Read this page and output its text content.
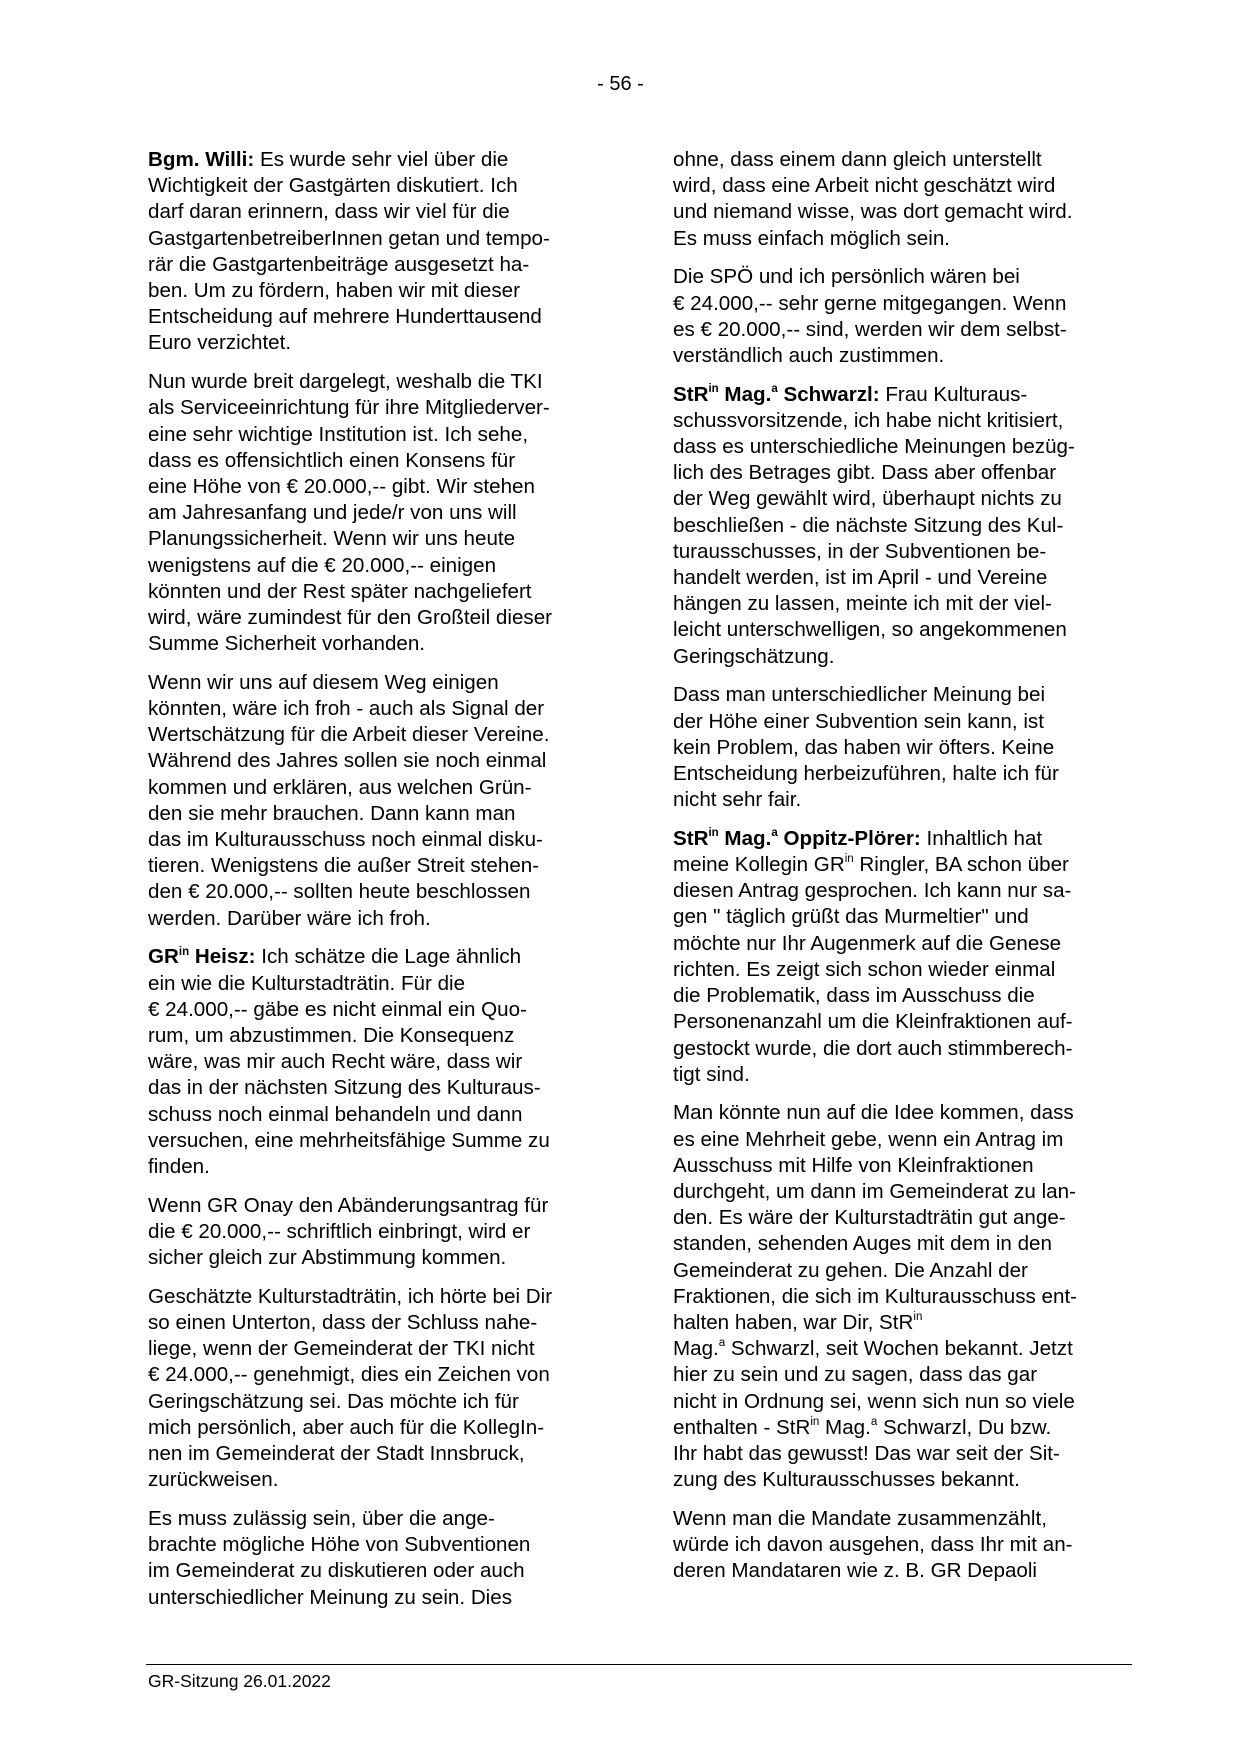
- 56 -

Bgm. Willi: Es wurde sehr viel über die
Wichtigkeit der Gastgärten diskutiert. Ich
darf daran erinnern, dass wir viel für die
GastgartenbetreiberInnen getan und tempo-
rär die Gastgartenbeiträge ausgesetzt ha-
ben. Um zu fördern, haben wir mit dieser
Entscheidung auf mehrere Hunderttausend
Euro verzichtet.

Nun wurde breit dargelegt, weshalb die TKI
als Serviceeinrichtung für ihre Mitgliederver-
eine sehr wichtige Institution ist. Ich sehe,
dass es offensichtlich einen Konsens für
eine Höhe von € 20.000,-- gibt. Wir stehen
am Jahresanfang und jede/r von uns will
Planungssicherheit. Wenn wir uns heute
wenigstens auf die € 20.000,-- einigen
könnten und der Rest später nachgeliefert
wird, wäre zumindest für den Großteil dieser
Summe Sicherheit vorhanden.

Wenn wir uns auf diesem Weg einigen
könnten, wäre ich froh - auch als Signal der
Wertschätzung für die Arbeit dieser Vereine.
Während des Jahres sollen sie noch einmal
kommen und erklären, aus welchen Grün-
den sie mehr brauchen. Dann kann man
das im Kulturausschuss noch einmal disku-
tieren. Wenigstens die außer Streit stehen-
den € 20.000,-- sollten heute beschlossen
werden. Darüber wäre ich froh.

$GR^{in}$ Heisz: Ich schätze die Lage ähnlich
ein wie die Kulturstadträtin. Für die
€ 24.000,-- gäbe es nicht einmal ein Quo-
rum, um abzustimmen. Die Konsequenz
wäre, was mir auch Recht wäre, dass wir
das in der nächsten Sitzung des Kulturaus-
schuss noch einmal behandeln und dann
versuchen, eine mehrheitsfähige Summe zu
finden.

Wenn GR Onay den Abänderungsantrag für
die € 20.000,-- schriftlich einbringt, wird er
sicher gleich zur Abstimmung kommen.

Geschätzte Kulturstadträtin, ich hörte bei Dir
so einen Unterton, dass der Schluss nahe-
liege, wenn der Gemeinderat der TKI nicht
€ 24.000,-- genehmigt, dies ein Zeichen von
Geringschätzung sei. Das möchte ich für
mich persönlich, aber auch für die KollegIn-
nen im Gemeinderat der Stadt Innsbruck,
zurückweisen.

Es muss zulässig sein, über die ange-
brachte mögliche Höhe von Subventionen
im Gemeinderat zu diskutieren oder auch
unterschiedlicher Meinung zu sein. Dies

ohne, dass einem dann gleich unterstellt
wird, dass eine Arbeit nicht geschätzt wird
und niemand wisse, was dort gemacht wird.
Es muss einfach möglich sein.

Die SPÖ und ich persönlich wären bei
€ 24.000,-- sehr gerne mitgegangen. Wenn
es € 20.000,-- sind, werden wir dem selbst-
verständlich auch zustimmen.

StR$^{in}$ Mag.$^a$ Schwarzl: Frau Kulturaus-
schussvorsitzende, ich habe nicht kritisiert,
dass es unterschiedliche Meinungen bezüg-
lich des Betrages gibt. Dass aber offenbar
der Weg gewählt wird, überhaupt nichts zu
beschließen - die nächste Sitzung des Kul-
turausschusses, in der Subventionen be-
handelt werden, ist im April - und Vereine
hängen zu lassen, meinte ich mit der viel-
leicht unterschwelligen, so angekommenen
Geringschätzung.

Dass man unterschiedlicher Meinung bei
der Höhe einer Subvention sein kann, ist
kein Problem, das haben wir öfters. Keine
Entscheidung herbeizuführen, halte ich für
nicht sehr fair.

StR$^{in}$ Mag.$^a$ Oppitz-Plörer: Inhaltlich hat
meine Kollegin $GR^{in}$ Ringler, BA schon über
diesen Antrag gesprochen. Ich kann nur sa-
gen " täglich grüßt das Murmeltier" und
möchte nur Ihr Augenmerk auf die Genese
richten. Es zeigt sich schon wieder einmal
die Problematik, dass im Ausschuss die
Personenanzahl um die Kleinfraktionen auf-
gestockt wurde, die dort auch stimmberech-
tigt sind.

Man könnte nun auf die Idee kommen, dass
es eine Mehrheit gebe, wenn ein Antrag im
Ausschuss mit Hilfe von Kleinfraktionen
durchgeht, um dann im Gemeinderat zu lan-
den. Es wäre der Kulturstadträtin gut ange-
standen, sehenden Auges mit dem in den
Gemeinderat zu gehen. Die Anzahl der
Fraktionen, die sich im Kulturausschuss ent-
halten haben, war Dir, StR$^{in}$
Mag.$^a$ Schwarzl, seit Wochen bekannt. Jetzt
hier zu sein und zu sagen, dass das gar
nicht in Ordnung sei, wenn sich nun so viele
enthalten - StR$^{in}$ Mag.$^a$ Schwarzl, Du bzw.
Ihr habt das gewusst! Das war seit der Sit-
zung des Kulturausschusses bekannt.

Wenn man die Mandate zusammenzählt,
würde ich davon ausgehen, dass Ihr mit an-
deren Mandataren wie z. B. GR Depaoli

GR-Sitzung 26.01.2022
